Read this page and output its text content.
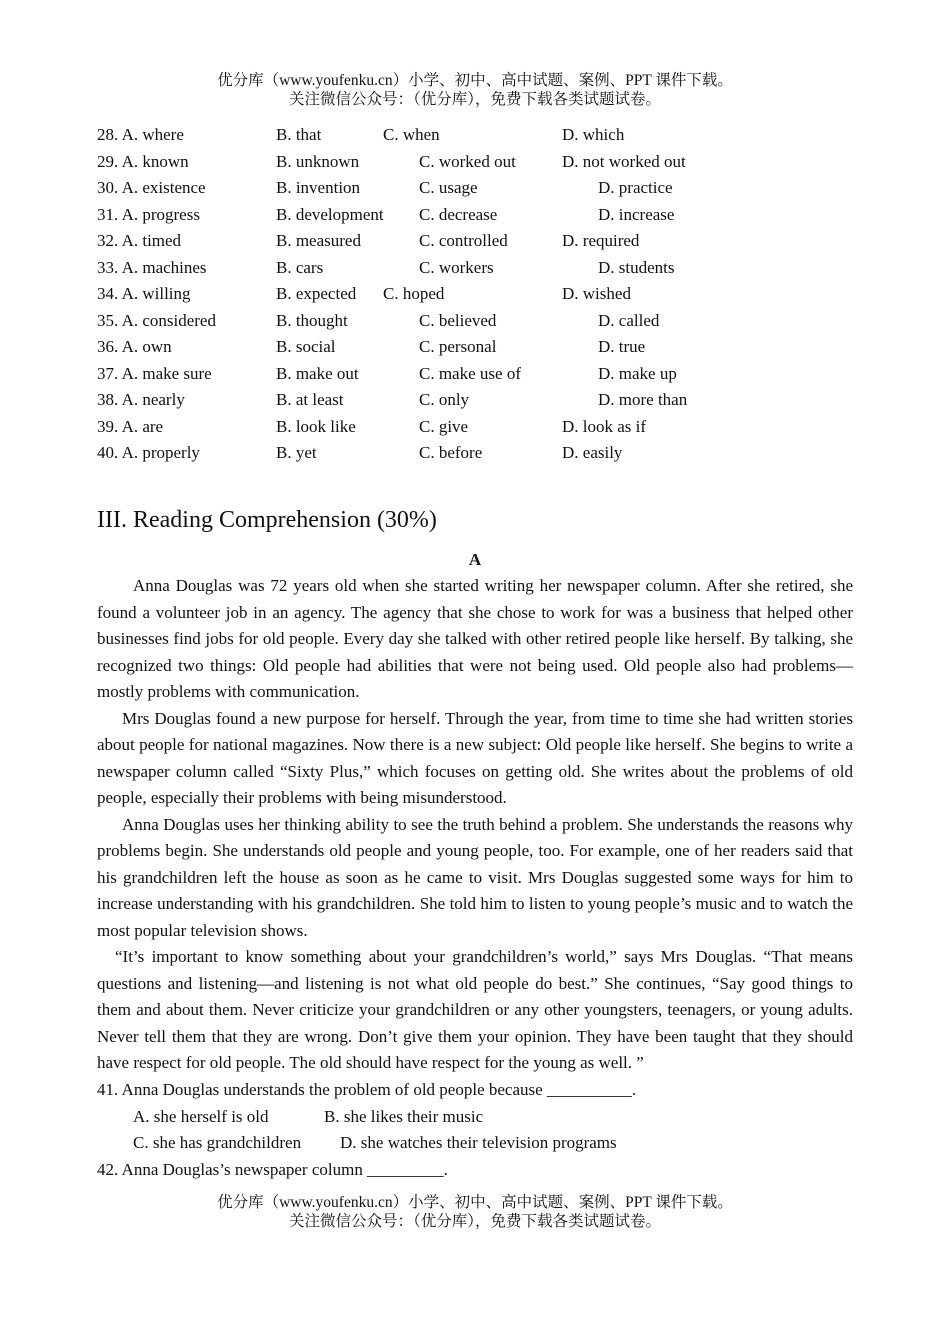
优分库（www.youfenku.cn）小学、初中、高中试题、案例、PPT 课件下载。
关注微信公众号：（优分库），免费下载各类试题试卷。
28. A. where	B. that	C. when	D. which
29. A. known	B. unknown	C. worked out	D. not worked out
30. A. existence	B. invention	C. usage	D. practice
31. A. progress	B. development C. decrease	D. increase
32. A. timed	B. measured	C. controlled	D. required
33. A. machines	B. cars	C. workers	D. students
34. A. willing	B. expected C. hoped	D. wished
35. A. considered	B. thought	C. believed	D. called
36. A. own	B. social	C. personal	D. true
37. A. make sure	B. make out	C. make use of	D. make up
38. A. nearly	B. at least	C. only	D. more than
39. A. are	B. look like	C. give	D. look as if
40. A. properly	B. yet	C. before	D. easily
III. Reading Comprehension (30%)
A

Anna Douglas was 72 years old when she started writing her newspaper column. After she retired, she found a volunteer job in an agency. The agency that she chose to work for was a business that helped other businesses find jobs for old people. Every day she talked with other retired people like herself. By talking, she recognized two things: Old people had abilities that were not being used. Old people also had problems—mostly problems with communication.

Mrs Douglas found a new purpose for herself. Through the year, from time to time she had written stories about people for national magazines. Now there is a new subject: Old people like herself. She begins to write a newspaper column called “Sixty Plus,” which focuses on getting old. She writes about the problems of old people, especially their problems with being misunderstood.

Anna Douglas uses her thinking ability to see the truth behind a problem. She understands the reasons why problems begin. She understands old people and young people, too. For example, one of her readers said that his grandchildren left the house as soon as he came to visit. Mrs Douglas suggested some ways for him to increase understanding with his grandchildren. She told him to listen to young people’s music and to watch the most popular television shows.

“It’s important to know something about your grandchildren’s world,” says Mrs Douglas. “That means questions and listening—and listening is not what old people do best.” She continues, “Say good things to them and about them. Never criticize your grandchildren or any other youngsters, teenagers, or young adults. Never tell them that they are wrong. Don’t give them your opinion. They have been taught that they should have respect for old people. The old should have respect for the young as well. ”

41. Anna Douglas understands the problem of old people because __________.
A. she herself is old	B. she likes their music
C. she has grandchildren D. she watches their television programs
42. Anna Douglas’s newspaper column _________.
优分库（www.youfenku.cn）小学、初中、高中试题、案例、PPT 课件下载。
关注微信公众号：（优分库），免费下载各类试题试卷。
